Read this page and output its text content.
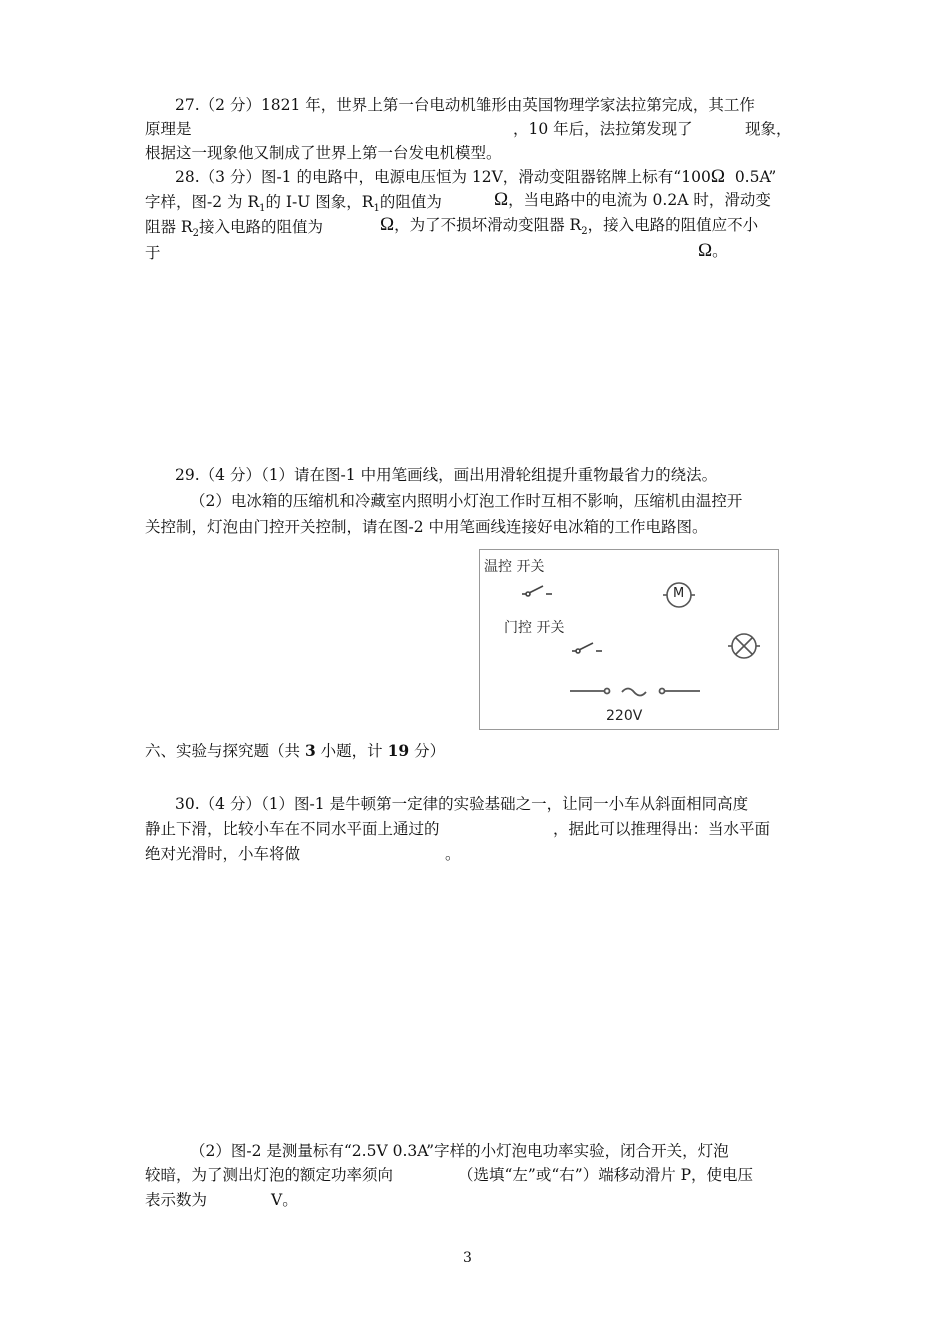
27.（2 分）1821 年，世界上第一台电动机雏形由英国物理学家法拉第完成，其工作
原理是	，10 年后，法拉第发现了	现象，
根据这一现象他又制成了世界上第一台发电机模型。
28.（3 分）图-1 的电路中，电源电压恒为 12V，滑动变阻器铭牌上标有“100Ω 0.5A”
字样，图-2 为 $R_1$的 I-U 图象，$R_1$的阻值为	Ω，当电路中的电流为 0.2A 时，滑动变
阻器 $R_2$接入电路的阻值为	Ω，为了不损坏滑动变阻器 $R_2$，接入电路的阻值应不小
于	Ω。
29.（4 分）（1）请在图-1 中用笔画线，画出用滑轮组提升重物最省力的绕法。
（2）电冰箱的压缩机和冷藏室内照明小灯泡工作时互相不影响，压缩机由温控开
关控制，灯泡由门控开关控制，请在图-2 中用笔画线连接好电冰箱的工作电路图。
温控 开关
门控 开关
M
220V
六、实验与探究题（共 3 小题，计 19 分）
30.（4 分）（1）图-1 是牛顿第一定律的实验基础之一，让同一小车从斜面相同高度
静止下滑，比较小车在不同水平面上通过的	，据此可以推理得出：当水平面
绝对光滑时，小车将做	。
（2）图-2 是测量标有“2.5V 0.3A”字样的小灯泡电功率实验，闭合开关，灯泡
较暗，为了测出灯泡的额定功率须向	（选填“左”或“右”）端移动滑片 P，使电压
表示数为	V。
3
